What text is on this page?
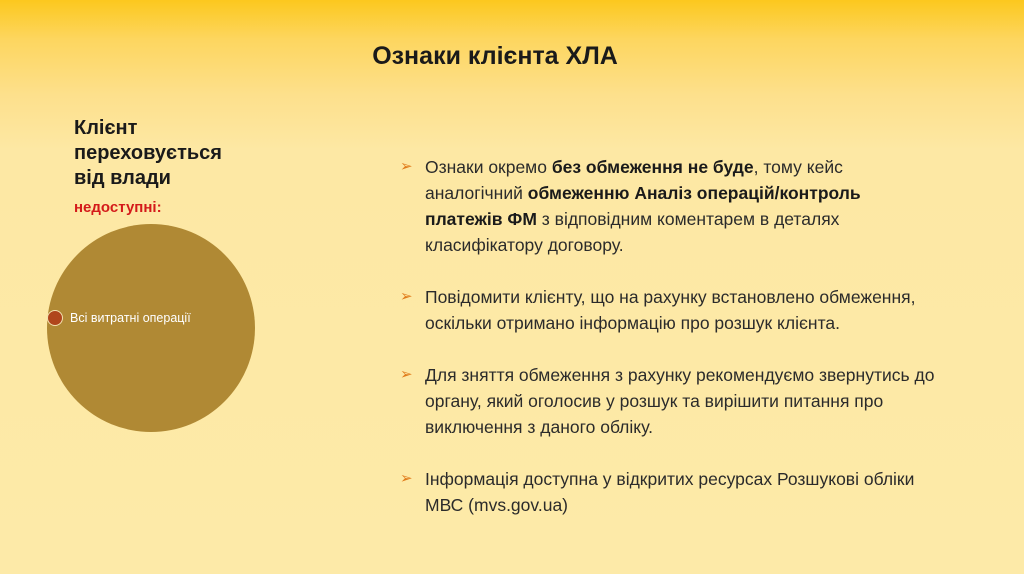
Ознаки клієнта ХЛА
Клієнт
переховується
від влади
недоступні:
Всі витратні операції
➢ Ознаки окремо без обмеження не буде, тому кейс аналогічний обмеженню Аналіз операцій/контроль платежів ФМ з відповідним коментарем в деталях класифікатору договору.
➢ Повідомити клієнту, що на рахунку встановлено обмеження, оскільки отримано інформацію про розшук клієнта.
➢ Для зняття обмеження з рахунку рекомендуємо звернутись до органу, який оголосив у розшук та вирішити питання про виключення з даного обліку.
➢ Інформація доступна у відкритих ресурсах Розшукові обліки МВС (mvs.gov.ua)
